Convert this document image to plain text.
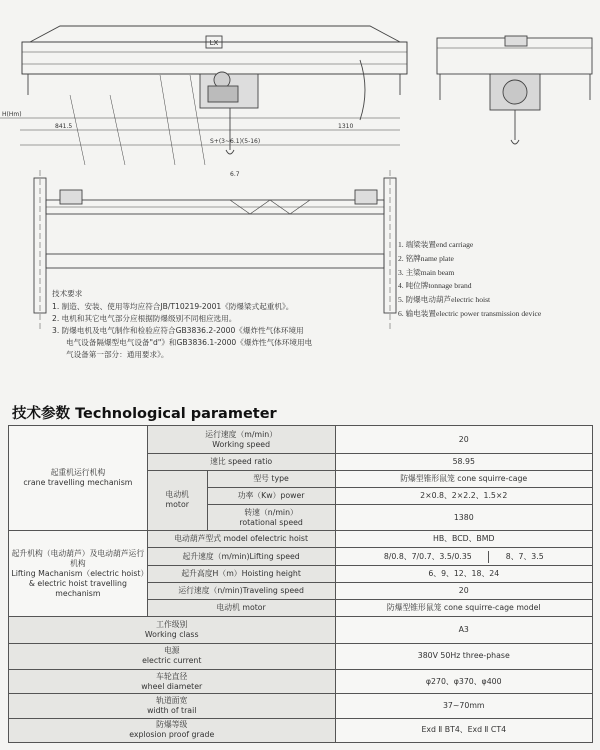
LX
H(Hm)
841.5	1310
S+(3~6.1)(5-16)
6.7
1. 端梁装置end carriage
2. 铭牌name plate
3. 主梁main beam
4. 吨位牌tonnage brand
5. 防爆电动葫芦electric hoist
6. 输电装置electric power transmission device
技术要求
1. 制造、安装、使用等均应符合JB/T10219-2001《防爆梁式起重机》。
2. 电机和其它电气部分应根据防爆级别不同相应选用。
3. 防爆电机及电气制作和检验应符合GB3836.2-2000《爆炸性气体环境用
电气设备隔爆型电气设备"d"》和GB3836.1-2000《爆炸性气体环境用电
气设备第一部分：通用要求》。
技术参数 Technological parameter
起重机运行机构
crane travelling mechanism	运行速度（m/min）
Working speed		20
	速比 speed ratio		58.95

	电动机
motor	型号 type	防爆型锥形鼠笼 cone squirre-cage
		功率（Kw）power	2×0.8、2×2.2、1.5×2

		转速（n/min）
rotational speed	1380

起升机构（电动葫芦）及电动葫芦运行机构
Lifting Machanism（electric hoist）& electric hoist travelling mechanism	电动葫芦型式 model ofelectric hoist		HB、BCD、BMD
	起升速度（m/min)Lifting speed		8/0.8、7/0.7、3.5/0.35 8、7、3.5
	起升高度H（m）Hoisting height		6、9、12、18、24
	运行速度（n/min)Traveling speed		20
	电动机 motor		防爆型锥形鼠笼 cone squirre-cage model

工作级别
Working class			A3

电源
electric current			380V 50Hz three-phase

车轮直径
wheel diameter			φ270、φ370、φ400

轨道面宽
width of trail			37~70mm

防爆等级
explosion proof grade			Exd Ⅱ BT4、Exd Ⅱ CT4
